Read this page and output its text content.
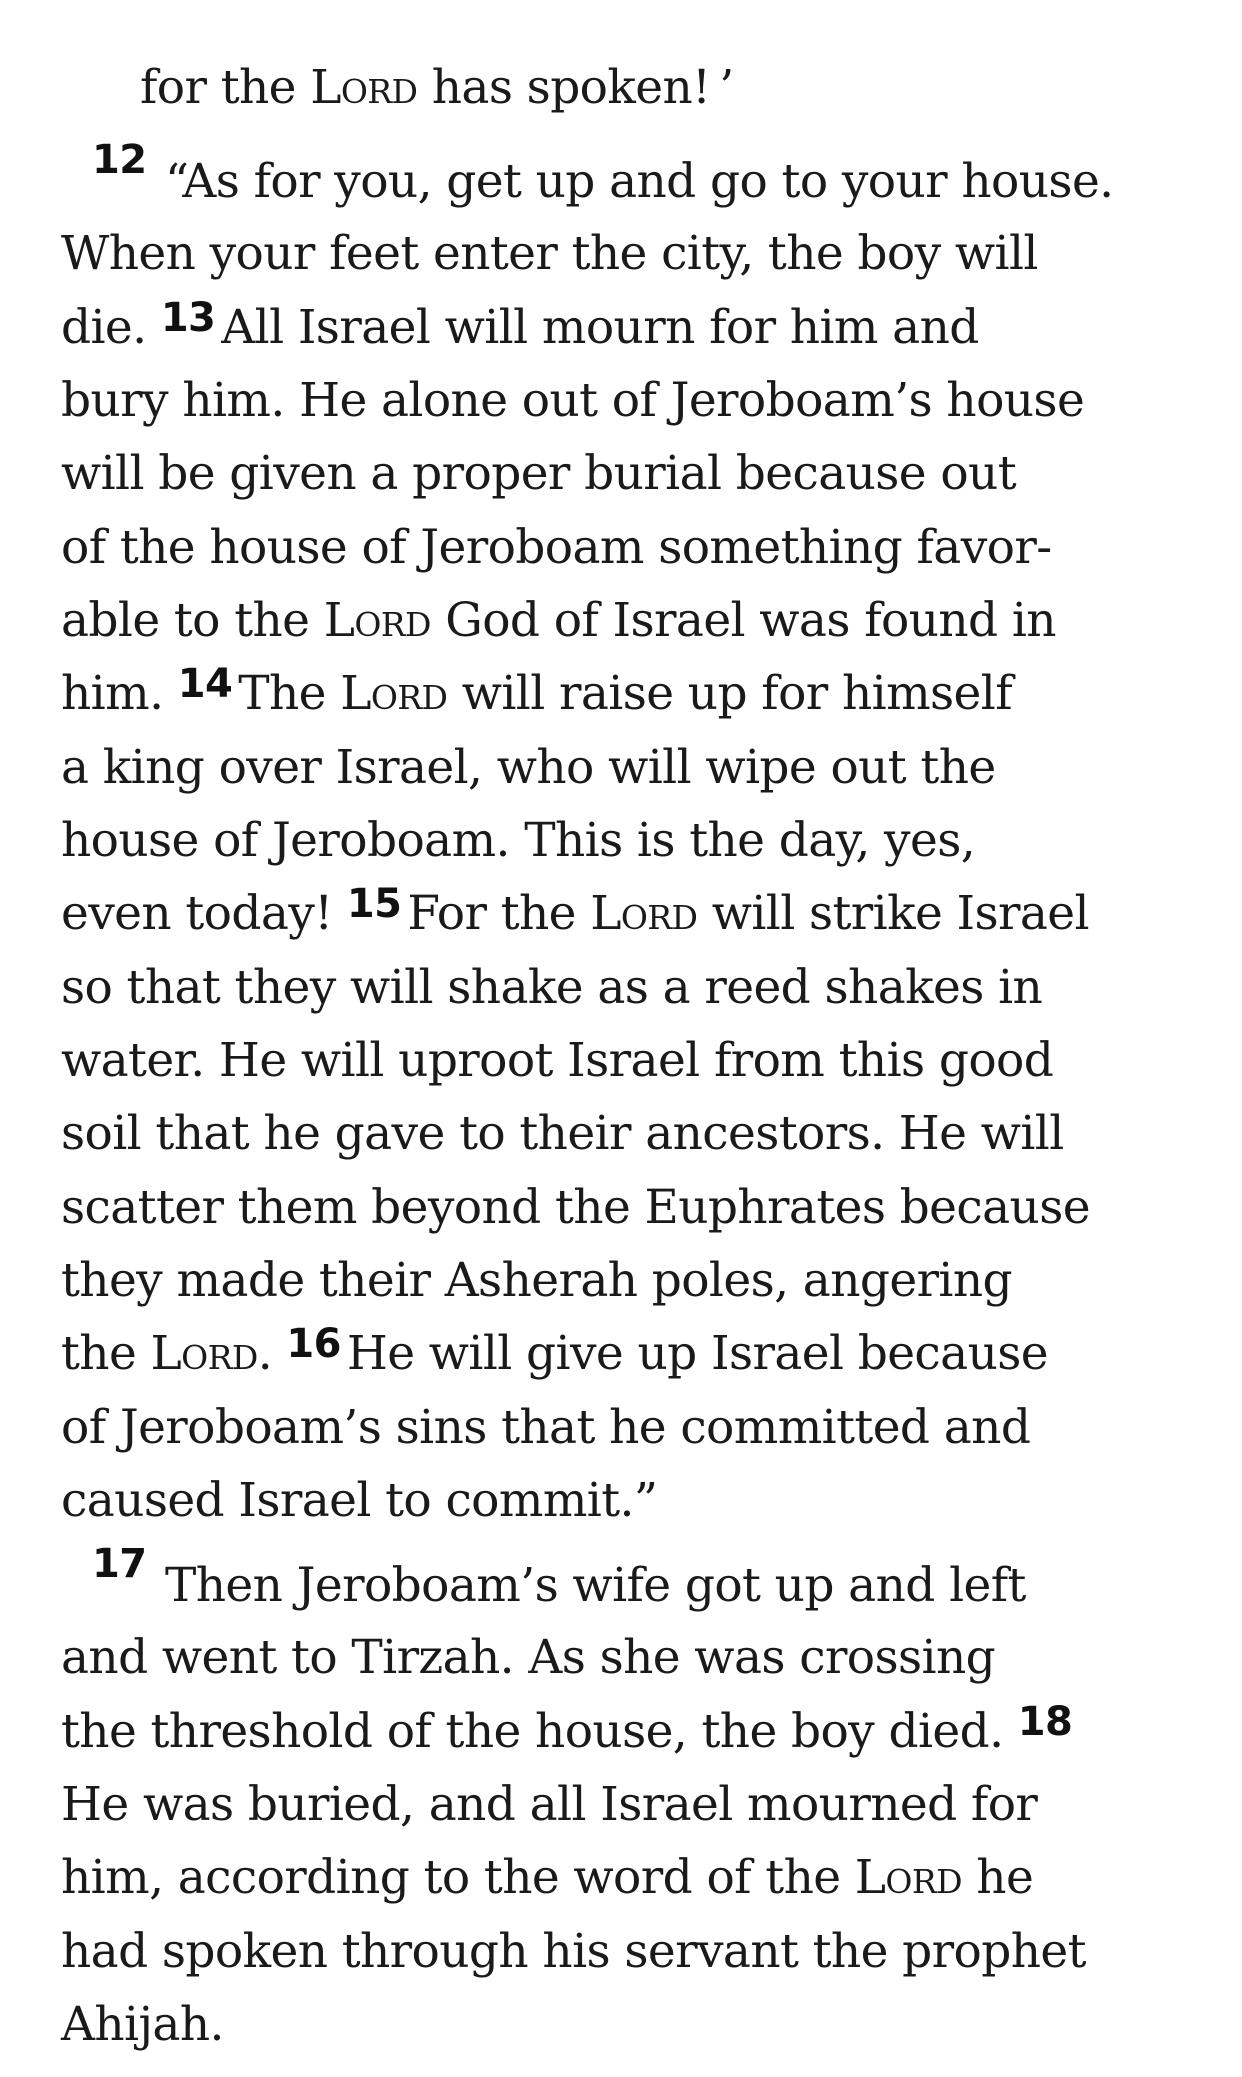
for the Lord has spoken! ’
12 “As for you, get up and go to your house.
When your feet enter the city, the boy will
die. 13 All Israel will mourn for him and
bury him. He alone out of Jeroboam’s house
will be given a proper burial because out
of the house of Jeroboam something favor-
able to the Lord God of Israel was found in
him. 14 The Lord will raise up for himself
a king over Israel, who will wipe out the
house of Jeroboam. This is the day, yes,
even today! 15 For the Lord will strike Israel
so that they will shake as a reed shakes in
water. He will uproot Israel from this good
soil that he gave to their ancestors. He will
scatter them beyond the Euphrates because
they made their Asherah poles, angering
the Lord. 16 He will give up Israel because
of Jeroboam’s sins that he committed and
caused Israel to commit.”
17 Then Jeroboam’s wife got up and left
and went to Tirzah. As she was crossing
the threshold of the house, the boy died. 18
He was buried, and all Israel mourned for
him, according to the word of the Lord he
had spoken through his servant the prophet
Ahijah.
